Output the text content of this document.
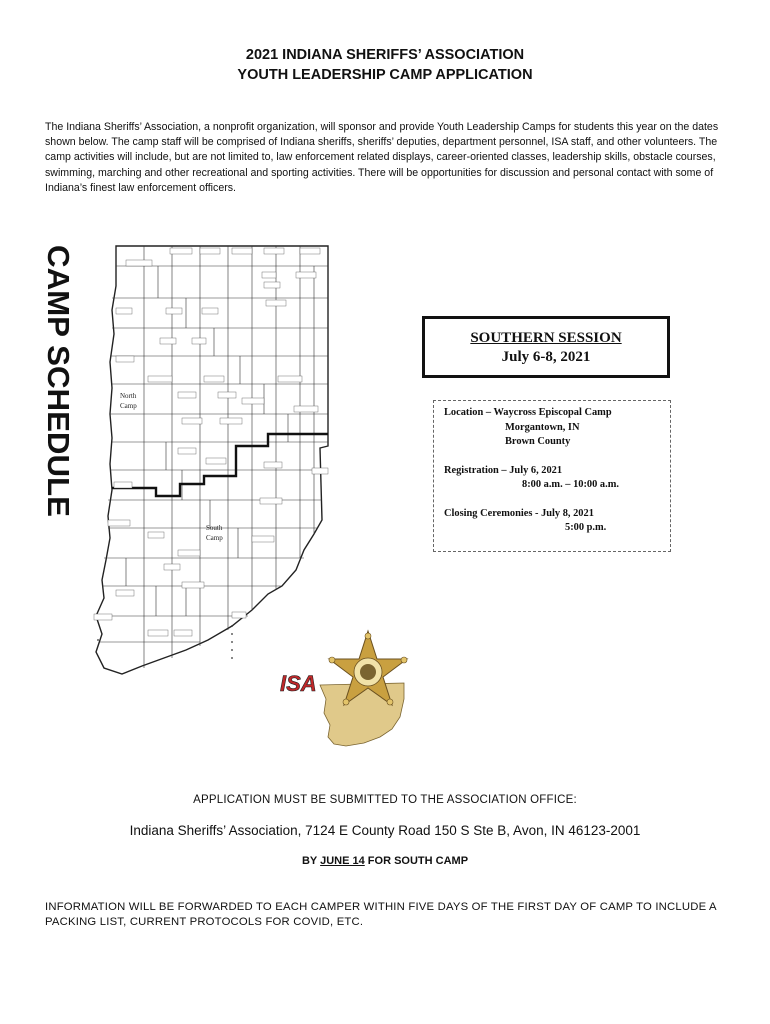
2021 INDIANA SHERIFFS’ ASSOCIATION
YOUTH LEADERSHIP CAMP APPLICATION
The Indiana Sheriffs’ Association, a nonprofit organization, will sponsor and provide Youth Leadership Camps for students this year on the dates shown below. The camp staff will be comprised of Indiana sheriffs, sheriffs’ deputies, department personnel, ISA staff, and other volunteers. The camp activities will include, but are not limited to, law enforcement related displays, career-oriented classes, leadership skills, obstacle courses, swimming, marching and other recreational and sporting activities. There will be opportunities for discussion and personal contact with some of Indiana’s finest law enforcement officers.
CAMP SCHEDULE	North
Camp
South
Camp
SOUTHERN SESSION
July 6-8, 2021
Location – Waycross Episcopal Camp
Morgantown, IN
Brown County
Registration – July 6, 2021
8:00 a.m. – 10:00 a.m.
Closing Ceremonies - July 8, 2021
5:00 p.m.
ISA
APPLICATION MUST BE SUBMITTED TO THE ASSOCIATION OFFICE:
Indiana Sheriffs’ Association, 7124 E County Road 150 S Ste B, Avon, IN 46123-2001
BY JUNE 14 FOR SOUTH CAMP
INFORMATION WILL BE FORWARDED TO EACH CAMPER WITHIN FIVE DAYS OF THE FIRST DAY OF CAMP TO INCLUDE A PACKING LIST, CURRENT PROTOCOLS FOR COVID, ETC.
